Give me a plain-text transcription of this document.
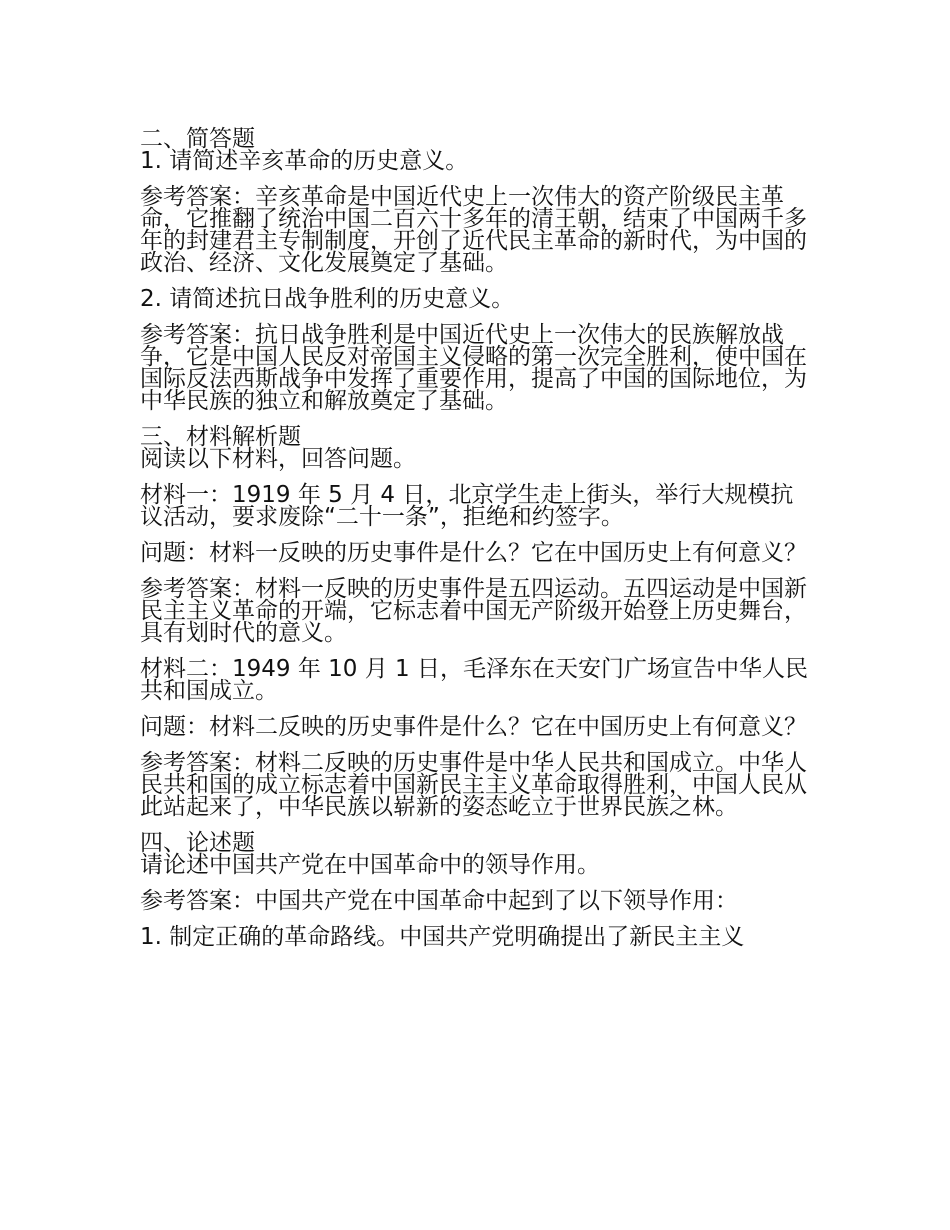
二、简答题

1. 请简述辛亥革命的历史意义。

参考答案：辛亥革命是中国近代史上一次伟大的资产阶级民主革命，它推翻了统治中国二百六十多年的清王朝，结束了中国两千多年的封建君主专制制度，开创了近代民主革命的新时代，为中国的政治、经济、文化发展奠定了基础。

2. 请简述抗日战争胜利的历史意义。

参考答案：抗日战争胜利是中国近代史上一次伟大的民族解放战争，它是中国人民反对帝国主义侵略的第一次完全胜利，使中国在国际反法西斯战争中发挥了重要作用，提高了中国的国际地位，为中华民族的独立和解放奠定了基础。

三、材料解析题

阅读以下材料，回答问题。

材料一：1919 年 5 月 4 日，北京学生走上街头，举行大规模抗议活动，要求废除“二十一条”，拒绝和约签字。

问题：材料一反映的历史事件是什么？它在中国历史上有何意义？

参考答案：材料一反映的历史事件是五四运动。五四运动是中国新民主主义革命的开端，它标志着中国无产阶级开始登上历史舞台，具有划时代的意义。

材料二：1949 年 10 月 1 日，毛泽东在天安门广场宣告中华人民共和国成立。

问题：材料二反映的历史事件是什么？它在中国历史上有何意义？

参考答案：材料二反映的历史事件是中华人民共和国成立。中华人民共和国的成立标志着中国新民主主义革命取得胜利，中国人民从此站起来了，中华民族以崭新的姿态屹立于世界民族之林。

四、论述题

请论述中国共产党在中国革命中的领导作用。

参考答案：中国共产党在中国革命中起到了以下领导作用：

1. 制定正确的革命路线。中国共产党明确提出了新民主主义
